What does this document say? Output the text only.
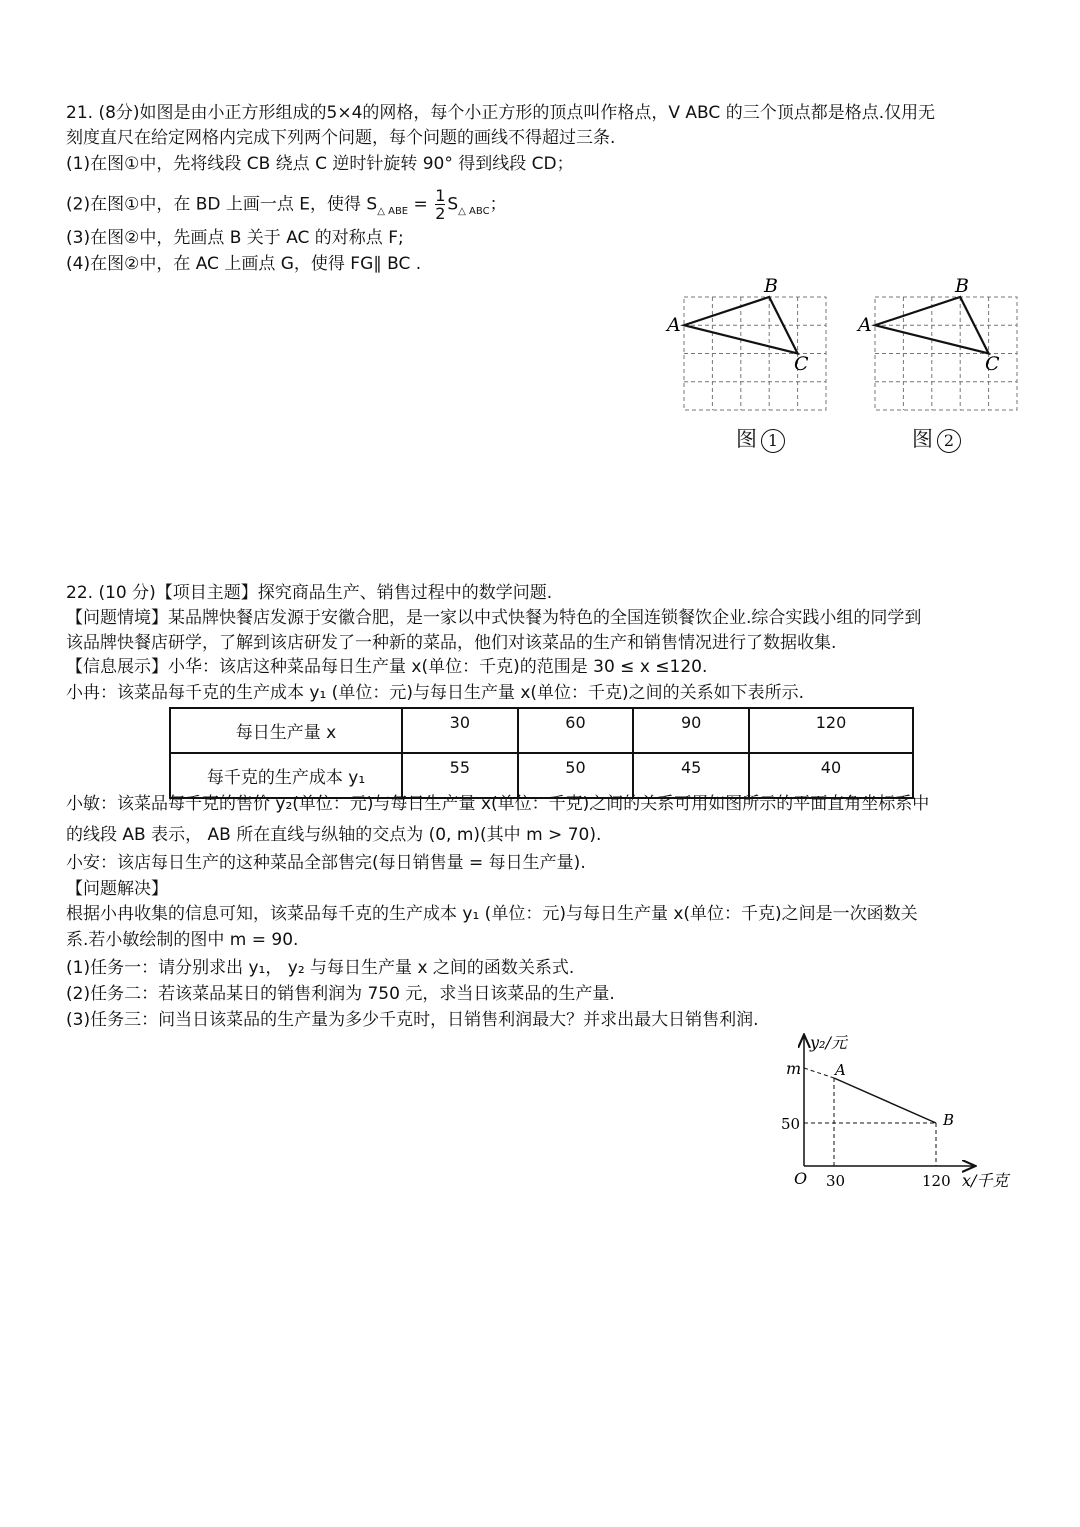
21. (8分)如图是由小正方形组成的5×4的网格，每个小正方形的顶点叫作格点，V ABC 的三个顶点都是格点.仅用无
刻度直尺在给定网格内完成下列两个问题，每个问题的画线不得超过三条.
(1)在图①中，先将线段 CB 绕点 C 逆时针旋转 90° 得到线段 CD；
(2)在图①中，在 BD 上画一点 E，使得 $S_{\triangle ABE} = \frac{1}{2} S_{\triangle ABC}$；
(3)在图②中，先画点 B 关于 AC 的对称点 F;
(4)在图②中，在 AC 上画点 G，使得 FG∥ BC .
A
B
C
图 1
A
B
C
图 2
22. (10 分)【项目主题】探究商品生产、销售过程中的数学问题.
【问题情境】某品牌快餐店发源于安徽合肥，是一家以中式快餐为特色的全国连锁餐饮企业.综合实践小组的同学到
该品牌快餐店研学，了解到该店研发了一种新的菜品，他们对该菜品的生产和销售情况进行了数据收集.
【信息展示】小华：该店这种菜品每日生产量 x(单位：千克)的范围是 30 ≤ x ≤120.
小冉：该菜品每千克的生产成本 y₁ (单位：元)与每日生产量 x(单位：千克)之间的关系如下表所示.
每日生产量 x	30	60	90	120
每千克的生产成本 y₁	55	50	45	40
小敏：该菜品每千克的售价 y₂(单位：元)与每日生产量 x(单位：千克)之间的关系可用如图所示的平面直角坐标系中
的线段 AB 表示， AB 所在直线与纵轴的交点为 (0, m)(其中 m > 70).
小安：该店每日生产的这种菜品全部售完(每日销售量 = 每日生产量).
【问题解决】
根据小冉收集的信息可知，该菜品每千克的生产成本 y₁ (单位：元)与每日生产量 x(单位：千克)之间是一次函数关
系.若小敏绘制的图中 m = 90.
(1)任务一：请分别求出 y₁， y₂ 与每日生产量 x 之间的函数关系式.
(2)任务二：若该菜品某日的销售利润为 750 元，求当日该菜品的生产量.
(3)任务三：问当日该菜品的生产量为多少千克时，日销售利润最大？并求出最大日销售利润.
y₂/元
x/千克
O
m
50
30	120
A
B
